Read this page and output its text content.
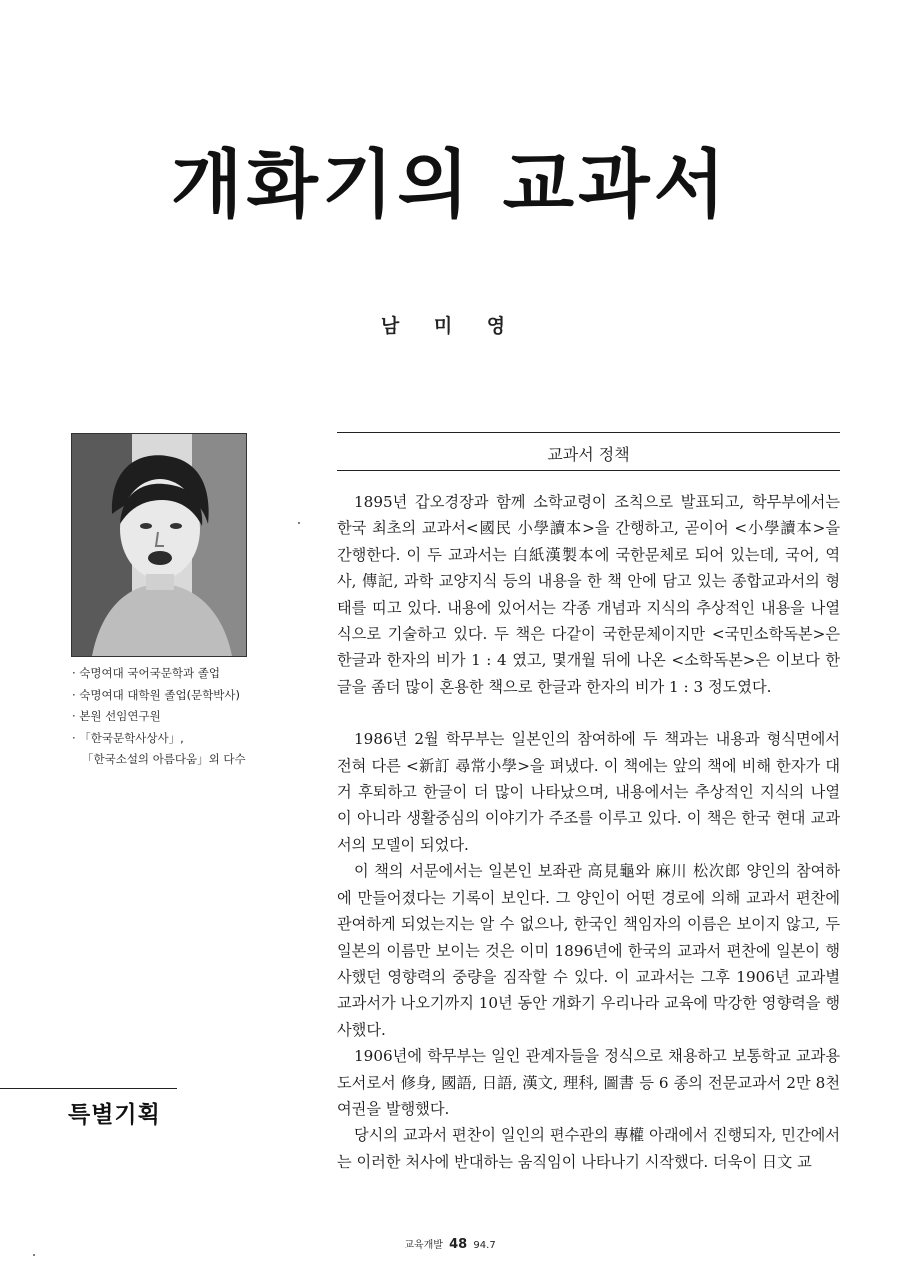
개화기의 교과서
남 미 영
· 숙명여대 국어국문학과 졸업
· 숙명여대 대학원 졸업(문학박사)
· 본원 선임연구원
· 「한국문학사상사」,
「한국소설의 아름다움」외 다수
교과서 정책

1895년 갑오경장과 함께 소학교령이 조칙으로 발표되고, 학무부에서는 한국 최초의 교과서<國民 小學讀本>을 간행하고, 곧이어 <小學讀本>을 간행한다. 이 두 교과서는 白紙漢製本에 국한문체로 되어 있는데, 국어, 역사, 傳記, 과학 교양지식 등의 내용을 한 책 안에 담고 있는 종합교과서의 형태를 띠고 있다. 내용에 있어서는 각종 개념과 지식의 추상적인 내용을 나열식으로 기술하고 있다. 두 책은 다같이 국한문체이지만 <국민소학독본>은 한글과 한자의 비가 1 : 4 였고, 몇개월 뒤에 나온 <소학독본>은 이보다 한글을 좀더 많이 혼용한 책으로 한글과 한자의 비가 1 : 3 정도였다.

1986년 2월 학무부는 일본인의 참여하에 두 책과는 내용과 형식면에서 전혀 다른 <新訂 尋常小學>을 펴냈다. 이 책에는 앞의 책에 비해 한자가 대거 후퇴하고 한글이 더 많이 나타났으며, 내용에서는 추상적인 지식의 나열이 아니라 생활중심의 이야기가 주조를 이루고 있다. 이 책은 한국 현대 교과서의 모델이 되었다.

이 책의 서문에서는 일본인 보좌관 高見龜와 麻川 松次郎 양인의 참여하에 만들어졌다는 기록이 보인다. 그 양인이 어떤 경로에 의해 교과서 편찬에 관여하게 되었는지는 알 수 없으나, 한국인 책임자의 이름은 보이지 않고, 두 일본의 이름만 보이는 것은 이미 1896년에 한국의 교과서 편찬에 일본이 행사했던 영향력의 중량을 짐작할 수 있다. 이 교과서는 그후 1906년 교과별 교과서가 나오기까지 10년 동안 개화기 우리나라 교육에 막강한 영향력을 행사했다.

1906년에 학무부는 일인 관계자들을 정식으로 채용하고 보통학교 교과용 도서로서 修身, 國語, 日語, 漢文, 理科, 圖書 등 6 종의 전문교과서 2만 8천여권을 발행했다.

당시의 교과서 편찬이 일인의 편수관의 專權 아래에서 진행되자, 민간에서는 이러한 처사에 반대하는 움직임이 나타나기 시작했다. 더욱이 日文 교

특별기획
교육개발 48 94.7
